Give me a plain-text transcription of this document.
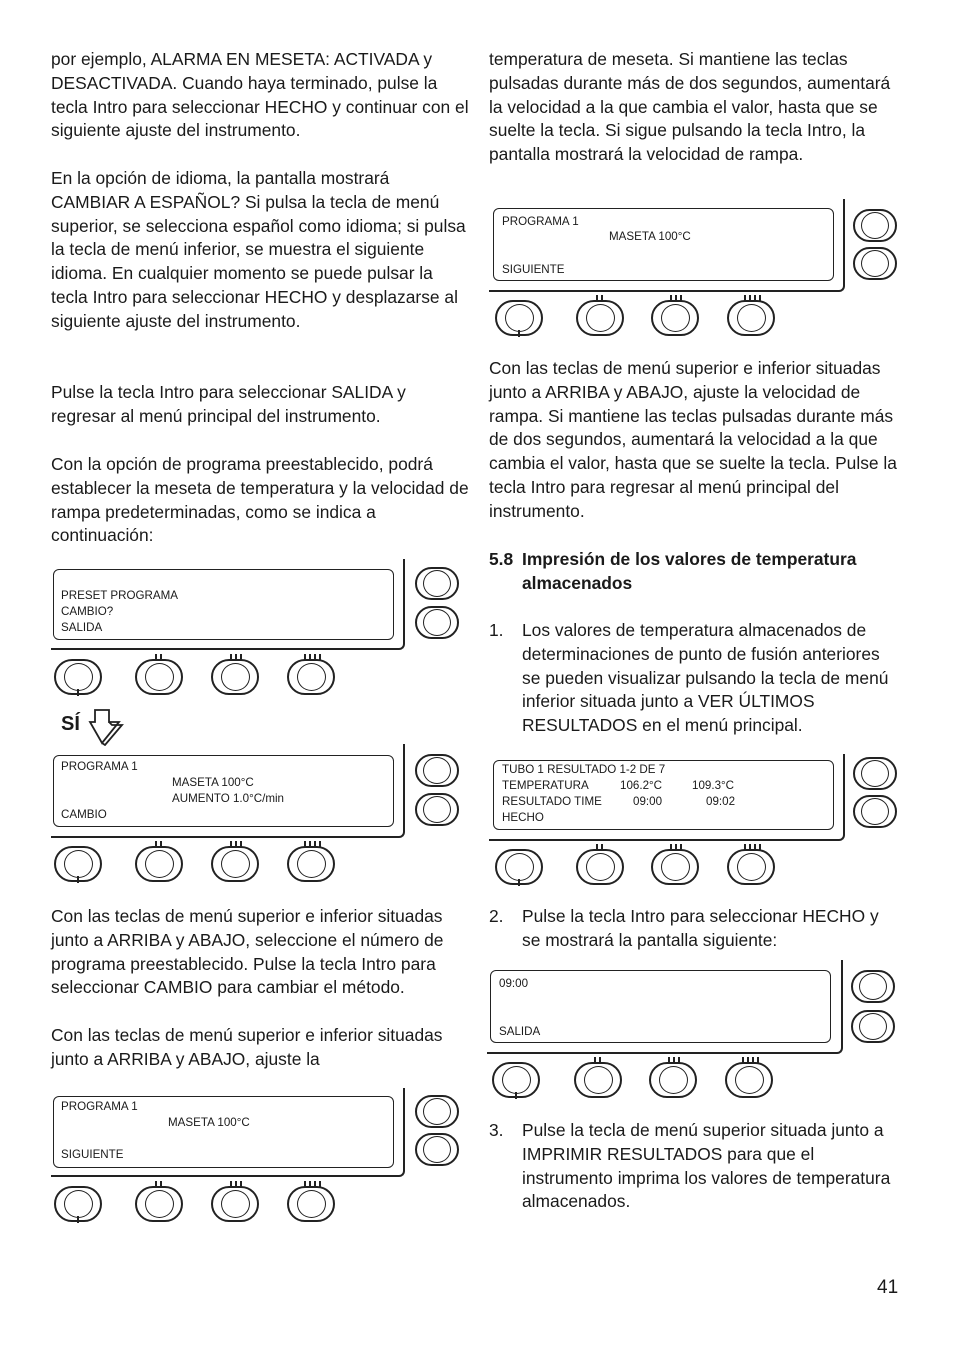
por ejemplo, ALARMA EN MESETA: ACTIVADA y DESACTIVADA. Cuando haya terminado, pulse la tecla Intro para seleccionar HECHO y continuar con el siguiente ajuste del instrumento.
En la opción de idioma, la pantalla mostrará CAMBIAR A ESPAÑOL? Si pulsa la tecla de menú superior, se selecciona español como idioma; si pulsa la tecla de menú inferior, se muestra el siguiente idioma. En cualquier momento se puede pulsar la tecla Intro para seleccionar HECHO y desplazarse al siguiente ajuste del instrumento.
Pulse la tecla Intro para seleccionar SALIDA y regresar al menú principal del instrumento.
Con la opción de programa preestablecido, podrá establecer la meseta de temperatura y la velocidad de rampa predeterminadas, como se indica a continuación:
PRESET PROGRAMA
CAMBIO?
SALIDA
SÍ
PROGRAMA 1
MASETA 100°C
AUMENTO 1.0°C/min
CAMBIO
Con las teclas de menú superior e inferior situadas junto a ARRIBA y ABAJO, seleccione el número de programa preestablecido. Pulse la tecla Intro para seleccionar CAMBIO para cambiar el método.
Con las teclas de menú superior e inferior situadas junto a ARRIBA y ABAJO, ajuste la
PROGRAMA 1
MASETA 100°C
SIGUIENTE
temperatura de meseta. Si mantiene las teclas pulsadas durante más de dos segundos, aumentará la velocidad a la que cambia el valor, hasta que se suelte la tecla. Si sigue pulsando la tecla Intro, la pantalla mostrará la velocidad de rampa.
PROGRAMA 1
MASETA 100°C
SIGUIENTE
Con las teclas de menú superior e inferior situadas junto a ARRIBA y ABAJO, ajuste la velocidad de rampa. Si mantiene las teclas pulsadas durante más de dos segundos, aumentará la velocidad a la que cambia el valor, hasta que se suelte la tecla. Pulse la tecla Intro para regresar al menú principal del instrumento.
5.8 Impresión de los valores de temperatura almacenados
1.	Los valores de temperatura almacenados de determinaciones de punto de fusión anteriores se pueden visualizar pulsando la tecla de menú inferior situada junto a VER ÚLTIMOS RESULTADOS en el menú principal.
TUBO 1 RESULTADO 1-2 DE 7
TEMPERATURA	106.2°C	109.3°C
RESULTADO TIME	09:00	09:02
HECHO
2.	Pulse la tecla Intro para seleccionar HECHO y se mostrará la pantalla siguiente:
09:00
SALIDA
3.	Pulse la tecla de menú superior situada junto a IMPRIMIR RESULTADOS para que el instrumento imprima los valores de temperatura almacenados.
41
